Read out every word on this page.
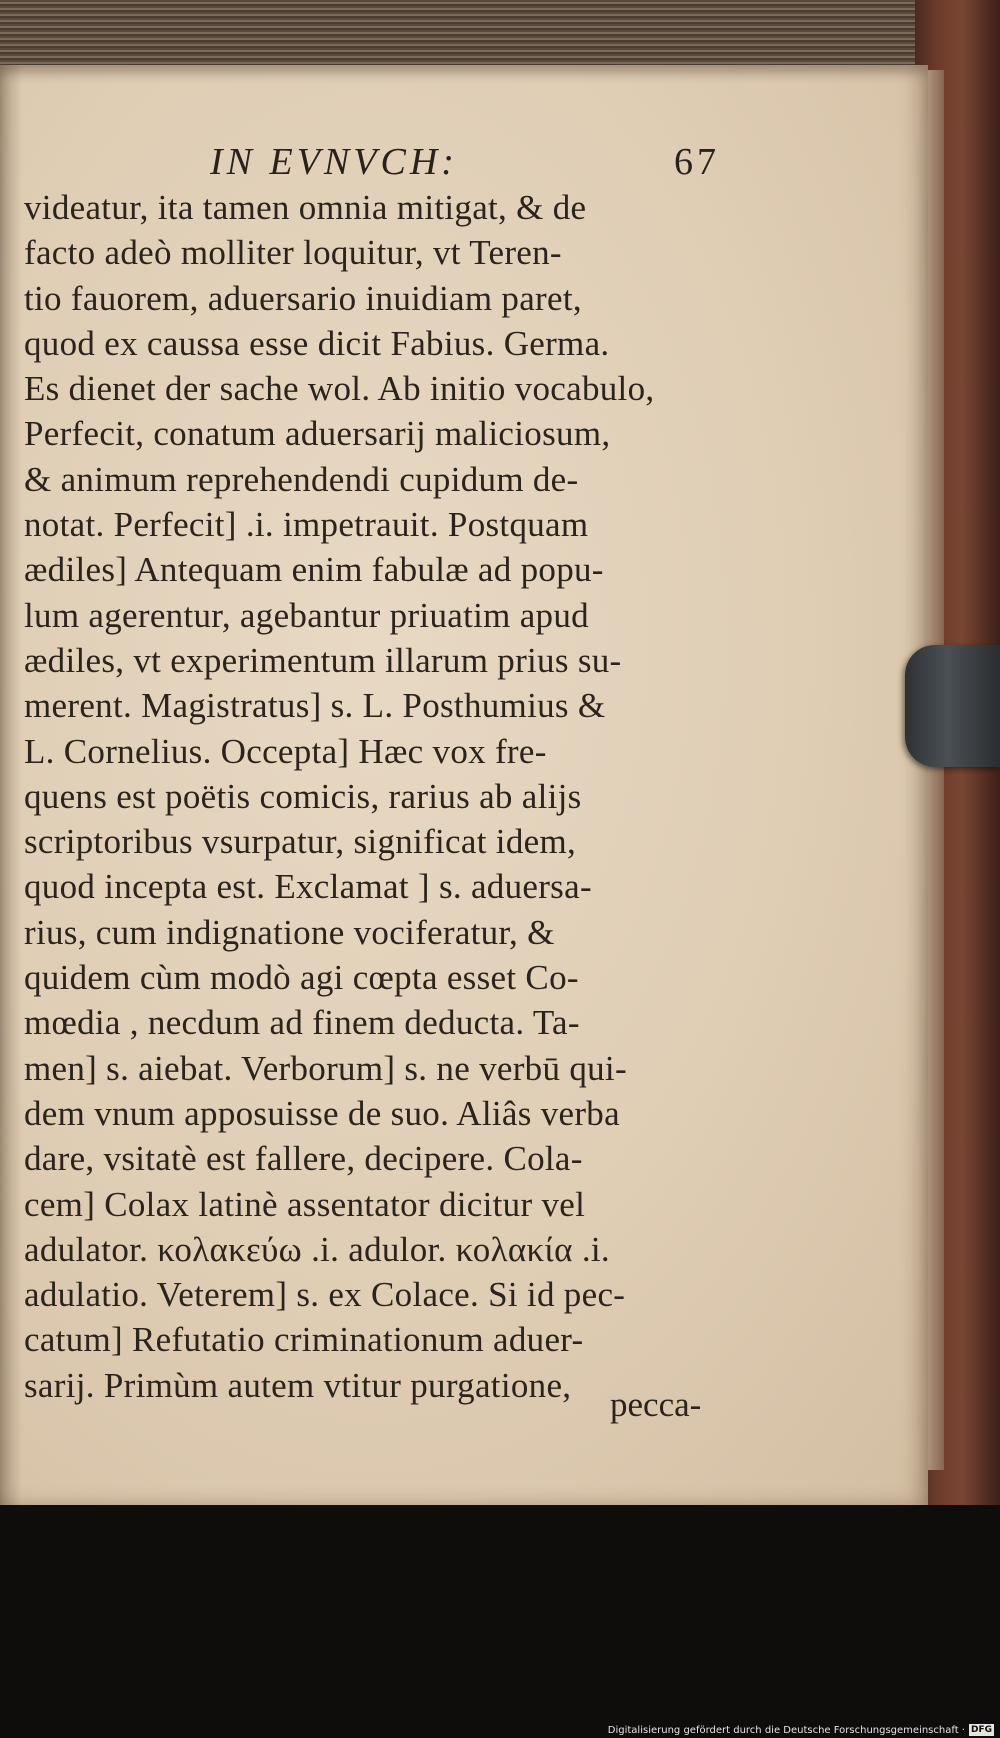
IN EVNVCH:	67
videatur, ita tamen omnia mitigat, & de
facto adeò molliter loquitur, vt Teren-
tio fauorem, aduersario inuidiam paret,
quod ex caussa esse dicit Fabius. Germa.
Es dienet der sache wol. Ab initio vocabulo,
Perfecit, conatum aduersarij maliciosum,
& animum reprehendendi cupidum de-
notat. Perfecit] .i. impetrauit. Postquam
ædiles] Antequam enim fabulæ ad popu-
lum agerentur, agebantur priuatim apud
ædiles, vt experimentum illarum prius su-
merent. Magistratus] s. L. Posthumius &
L. Cornelius. Occepta] Hæc vox fre-
quens est poëtis comicis, rarius ab alijs
scriptoribus vsurpatur, significat idem,
quod incepta est. Exclamat ] s. aduersa-
rius, cum indignatione vociferatur, &
quidem cùm modò agi cœpta esset Co-
mœdia , necdum ad finem deducta. Ta-
men] s. aiebat. Verborum] s. ne verbū qui-
dem vnum apposuisse de suo. Aliâs verba
dare, vsitatè est fallere, decipere. Cola-
cem] Colax latinè assentator dicitur vel
adulator. κολακεύω .i. adulor. κολακία .i.
adulatio. Veterem] s. ex Colace. Si id pec-
catum] Refutatio criminationum aduer-
sarij. Primùm autem vtitur purgatione,	pecca-
Digitalisierung gefördert durch die Deutsche Forschungsgemeinschaft · DFG
